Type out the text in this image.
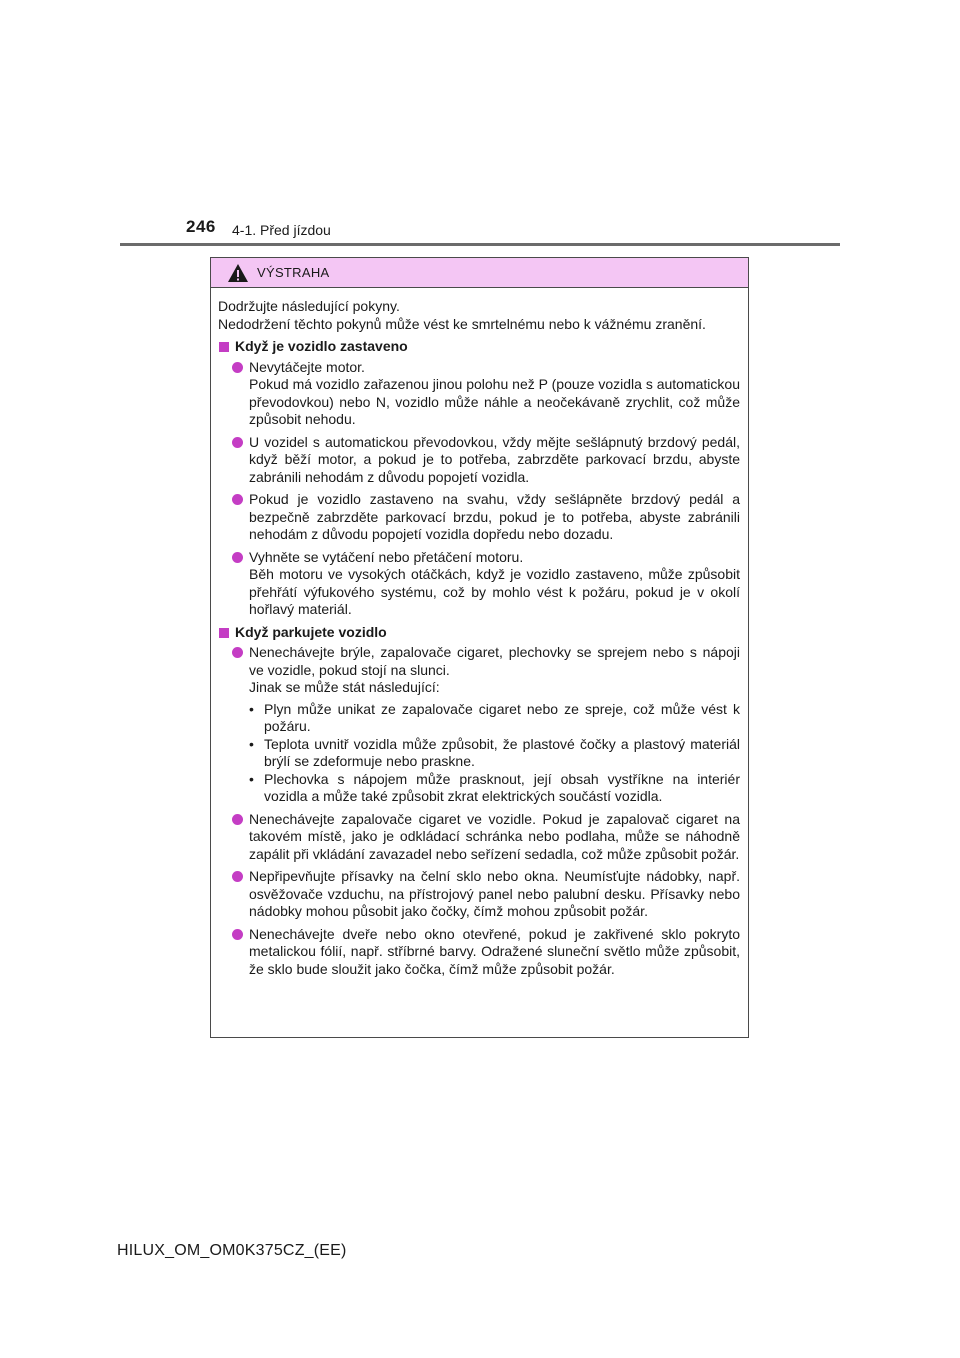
246 4-1. Před jízdou
VÝSTRAHA

Dodržujte následující pokyny.

Nedodržení těchto pokynů může vést ke smrtelnému nebo k vážnému zranění.

Když je vozidlo zastaveno

Nevytáčejte motor.

Pokud má vozidlo zařazenou jinou polohu než P (pouze vozidla s automatickou převodovkou) nebo N, vozidlo může náhle a neočekávaně zrychlit, což může způsobit nehodu.

U vozidel s automatickou převodovkou, vždy mějte sešlápnutý brzdový pedál, když běží motor, a pokud je to potřeba, zabrzděte parkovací brzdu, abyste zabránili nehodám z důvodu popojetí vozidla.

Pokud je vozidlo zastaveno na svahu, vždy sešlápněte brzdový pedál a bezpečně zabrzděte parkovací brzdu, pokud je to potřeba, abyste zabránili nehodám z důvodu popojetí vozidla dopředu nebo dozadu.

Vyhněte se vytáčení nebo přetáčení motoru.

Běh motoru ve vysokých otáčkách, když je vozidlo zastaveno, může způsobit přehřátí výfukového systému, což by mohlo vést k požáru, pokud je v okolí hořlavý materiál.

Když parkujete vozidlo

Nenechávejte brýle, zapalovače cigaret, plechovky se sprejem nebo s nápoji ve vozidle, pokud stojí na slunci.

Jinak se může stát následující:

• Plyn může unikat ze zapalovače cigaret nebo ze spreje, což může vést k požáru.
• Teplota uvnitř vozidla může způsobit, že plastové čočky a plastový materiál brýlí se zdeformuje nebo praskne.
• Plechovka s nápojem může prasknout, její obsah vystříkne na interiér vozidla a může také způsobit zkrat elektrických součástí vozidla.

Nenechávejte zapalovače cigaret ve vozidle. Pokud je zapalovač cigaret na takovém místě, jako je odkládací schránka nebo podlaha, může se náhodně zapálit při vkládání zavazadel nebo seřízení sedadla, což může způsobit požár.

Nepřipevňujte přísavky na čelní sklo nebo okna. Neumísťujte nádobky, např. osvěžovače vzduchu, na přístrojový panel nebo palubní desku. Přísavky nebo nádobky mohou působit jako čočky, čímž mohou způsobit požár.

Nenechávejte dveře nebo okno otevřené, pokud je zakřivené sklo pokryto metalickou fólií, např. stříbrné barvy. Odražené sluneční světlo může způsobit, že sklo bude sloužit jako čočka, čímž může způsobit požár.

HILUX_OM_OM0K375CZ_(EE)
